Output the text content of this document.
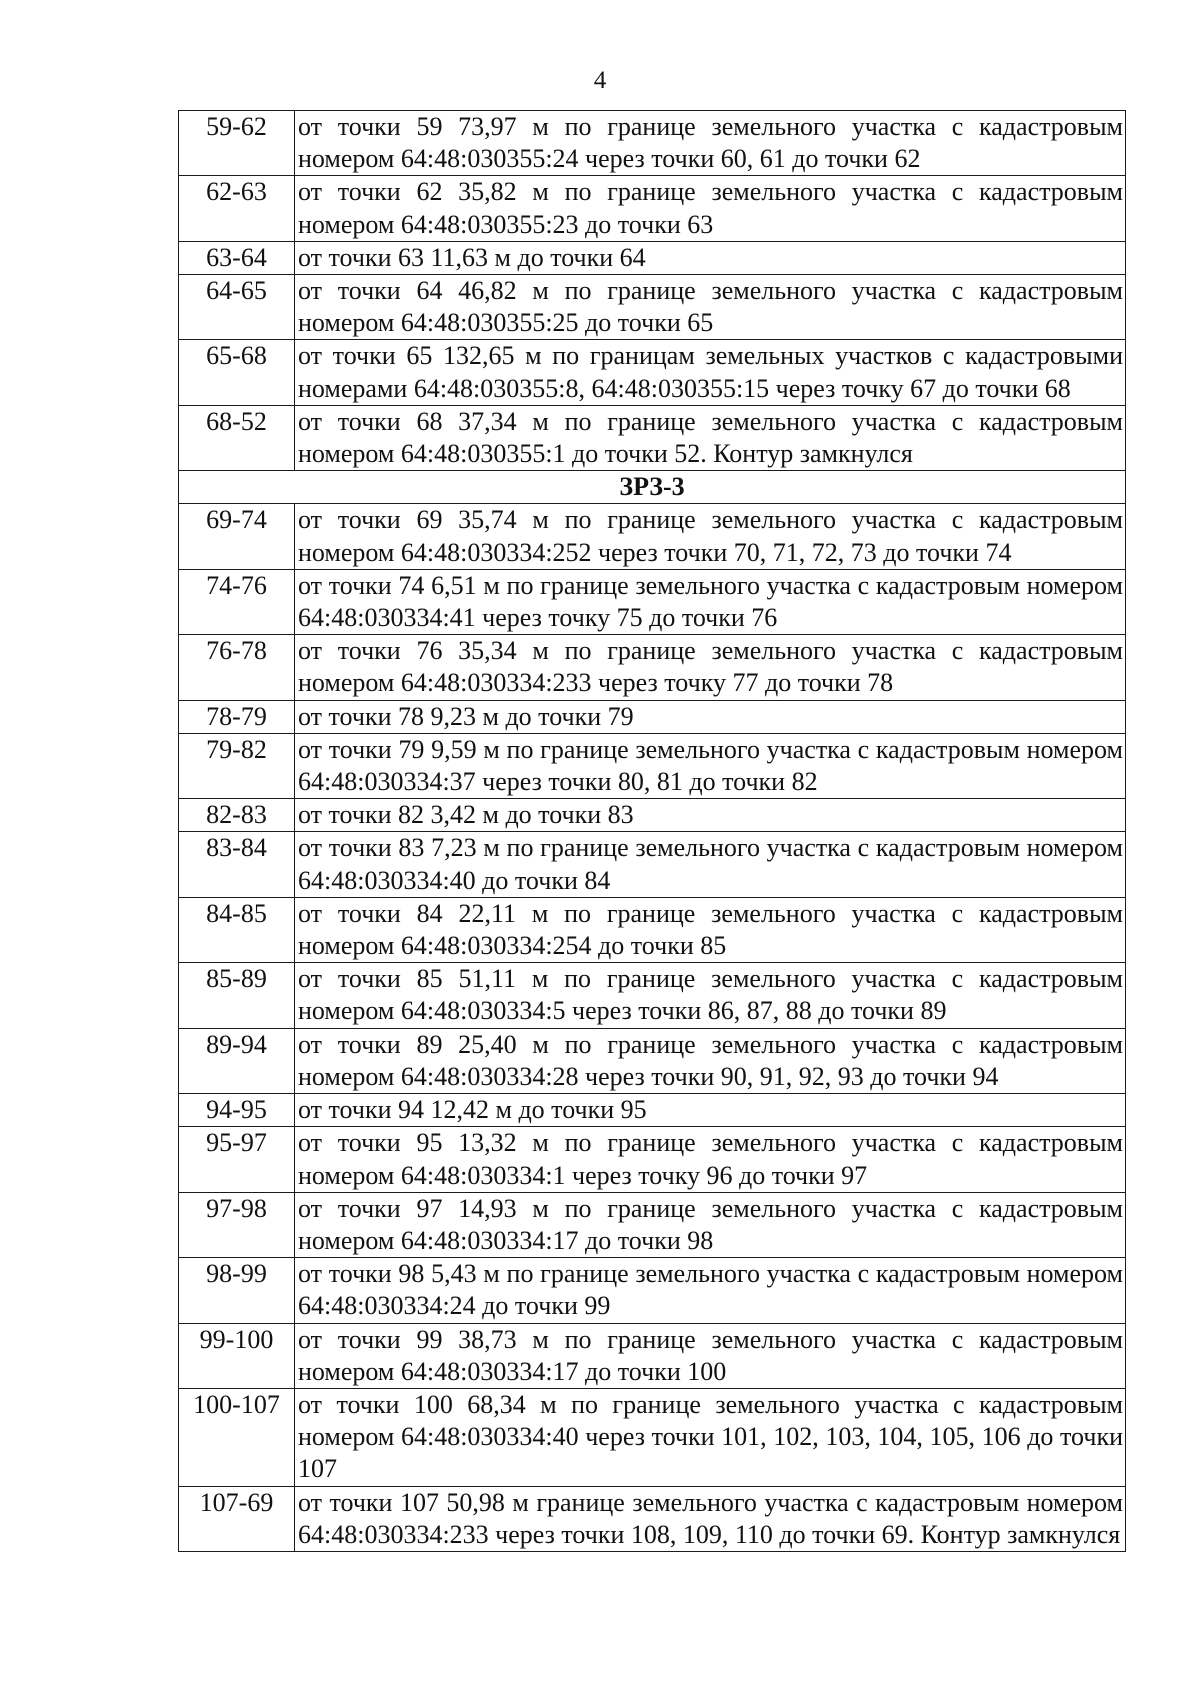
4
59-62	от точки 59 73,97 м по границе земельного участка с кадастровым номером 64:48:030355:24 через точки 60, 61 до точки 62
62-63	от точки 62 35,82 м по границе земельного участка с кадастровым номером 64:48:030355:23 до точки 63
63-64	от точки 63 11,63 м до точки 64
64-65	от точки 64 46,82 м по границе земельного участка с кадастровым номером 64:48:030355:25 до точки 65
65-68	от точки 65 132,65 м по границам земельных участков с кадастровыми номерами 64:48:030355:8, 64:48:030355:15 через точку 67 до точки 68
68-52	от точки 68 37,34 м по границе земельного участка с кадастровым номером 64:48:030355:1 до точки 52. Контур замкнулся
ЗРЗ-3	
69-74	от точки 69 35,74 м по границе земельного участка с кадастровым номером 64:48:030334:252 через точки 70, 71, 72, 73 до точки 74
74-76	от точки 74 6,51 м по границе земельного участка с кадастровым номером 64:48:030334:41 через точку 75 до точки 76
76-78	от точки 76 35,34 м по границе земельного участка с кадастровым номером 64:48:030334:233 через точку 77 до точки 78
78-79	от точки 78 9,23 м до точки 79
79-82	от точки 79 9,59 м по границе земельного участка с кадастровым номером 64:48:030334:37 через точки 80, 81 до точки 82
82-83	от точки 82 3,42 м до точки 83
83-84	от точки 83 7,23 м по границе земельного участка с кадастровым номером 64:48:030334:40 до точки 84
84-85	от точки 84 22,11 м по границе земельного участка с кадастровым номером 64:48:030334:254 до точки 85
85-89	от точки 85 51,11 м по границе земельного участка с кадастровым номером 64:48:030334:5 через точки 86, 87, 88 до точки 89
89-94	от точки 89 25,40 м по границе земельного участка с кадастровым номером 64:48:030334:28 через точки 90, 91, 92, 93 до точки 94
94-95	от точки 94 12,42 м до точки 95
95-97	от точки 95 13,32 м по границе земельного участка с кадастровым номером 64:48:030334:1 через точку 96 до точки 97
97-98	от точки 97 14,93 м по границе земельного участка с кадастровым номером 64:48:030334:17 до точки 98
98-99	от точки 98 5,43 м по границе земельного участка с кадастровым номером 64:48:030334:24 до точки 99
99-100	от точки 99 38,73 м по границе земельного участка с кадастровым номером 64:48:030334:17 до точки 100
100-107	от точки 100 68,34 м по границе земельного участка с кадастровым номером 64:48:030334:40 через точки 101, 102, 103, 104, 105, 106 до точки 107
107-69	от точки 107 50,98 м границе земельного участка с кадастровым номером 64:48:030334:233 через точки 108, 109, 110 до точки 69. Контур замкнулся
